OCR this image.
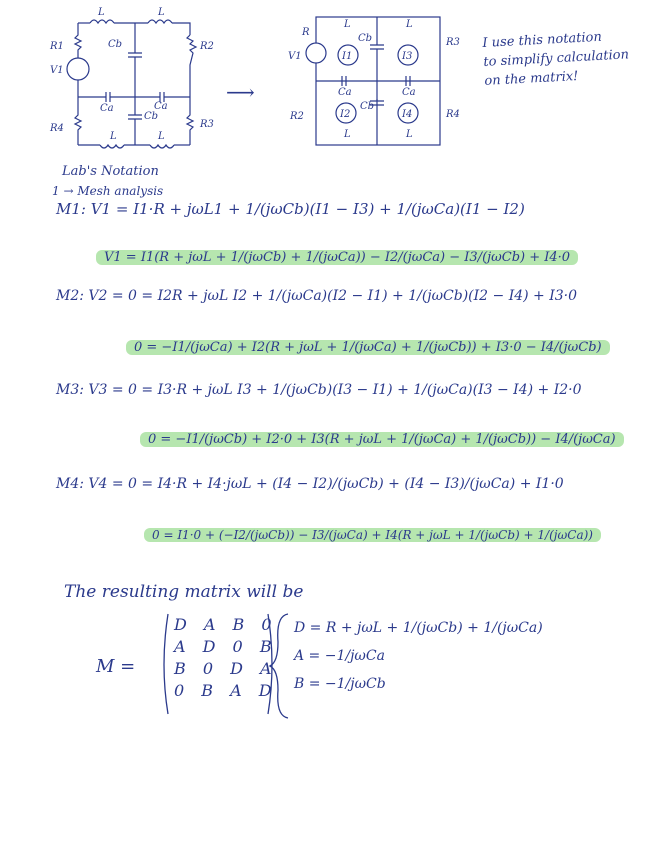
L	L
R1	Cb	R2
V1
Ca	Ca
Cb
R4
L	L
R3
⟶
L	L
R
Cb	R3
V1	I1	I3
Ca	Ca
Cb
R2	I2	I4	R4
L	L
I use this notation
to simplify calculation
on the matrix!
Lab's Notation
1 → Mesh analysis
M1: V1 = I1·R + jωL1 + 1/(jωCb)(I1 − I3) + 1/(jωCa)(I1 − I2)
V1 = I1(R + jωL + 1/(jωCb) + 1/(jωCa)) − I2/(jωCa) − I3/(jωCb) + I4·0
M2: V2 = 0 = I2R + jωL I2 + 1/(jωCa)(I2 − I1) + 1/(jωCb)(I2 − I4) + I3·0
0 = −I1/(jωCa) + I2(R + jωL + 1/(jωCa) + 1/(jωCb)) + I3·0 − I4/(jωCb)
M3: V3 = 0 = I3·R + jωL I3 + 1/(jωCb)(I3 − I1) + 1/(jωCa)(I3 − I4) + I2·0
0 = −I1/(jωCb) + I2·0 + I3(R + jωL + 1/(jωCa) + 1/(jωCb)) − I4/(jωCa)
M4: V4 = 0 = I4·R + I4·jωL + (I4 − I2)/(jωCb) + (I4 − I3)/(jωCa) + I1·0
0 = I1·0 + (−I2/(jωCb)) − I3/(jωCa) + I4(R + jωL + 1/(jωCb) + 1/(jωCa))
The resulting matrix will be
M =
D A B 0
A D 0 B
B 0 D A
0 B A D
D = R + jωL + 1/(jωCb) + 1/(jωCa)
A = −1/jωCa
B = −1/jωCb
